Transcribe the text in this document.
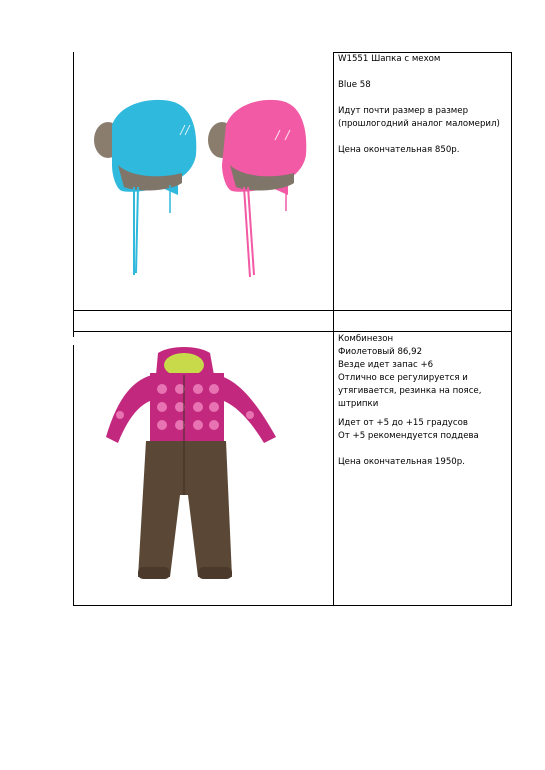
W1551 Шапка с мехом

Blue 58

Идут почти размер в размер

(прошлогодний аналог маломерил)

Цена окончательная 850р.

Комбинезон

Фиолетовый 86,92

Везде идет запас +6

Отлично все регулируется и

утягивается, резинка на поясе,

штрипки

Идет от +5 до +15 градусов

От +5 рекомендуется поддева

Цена окончательная 1950р.
